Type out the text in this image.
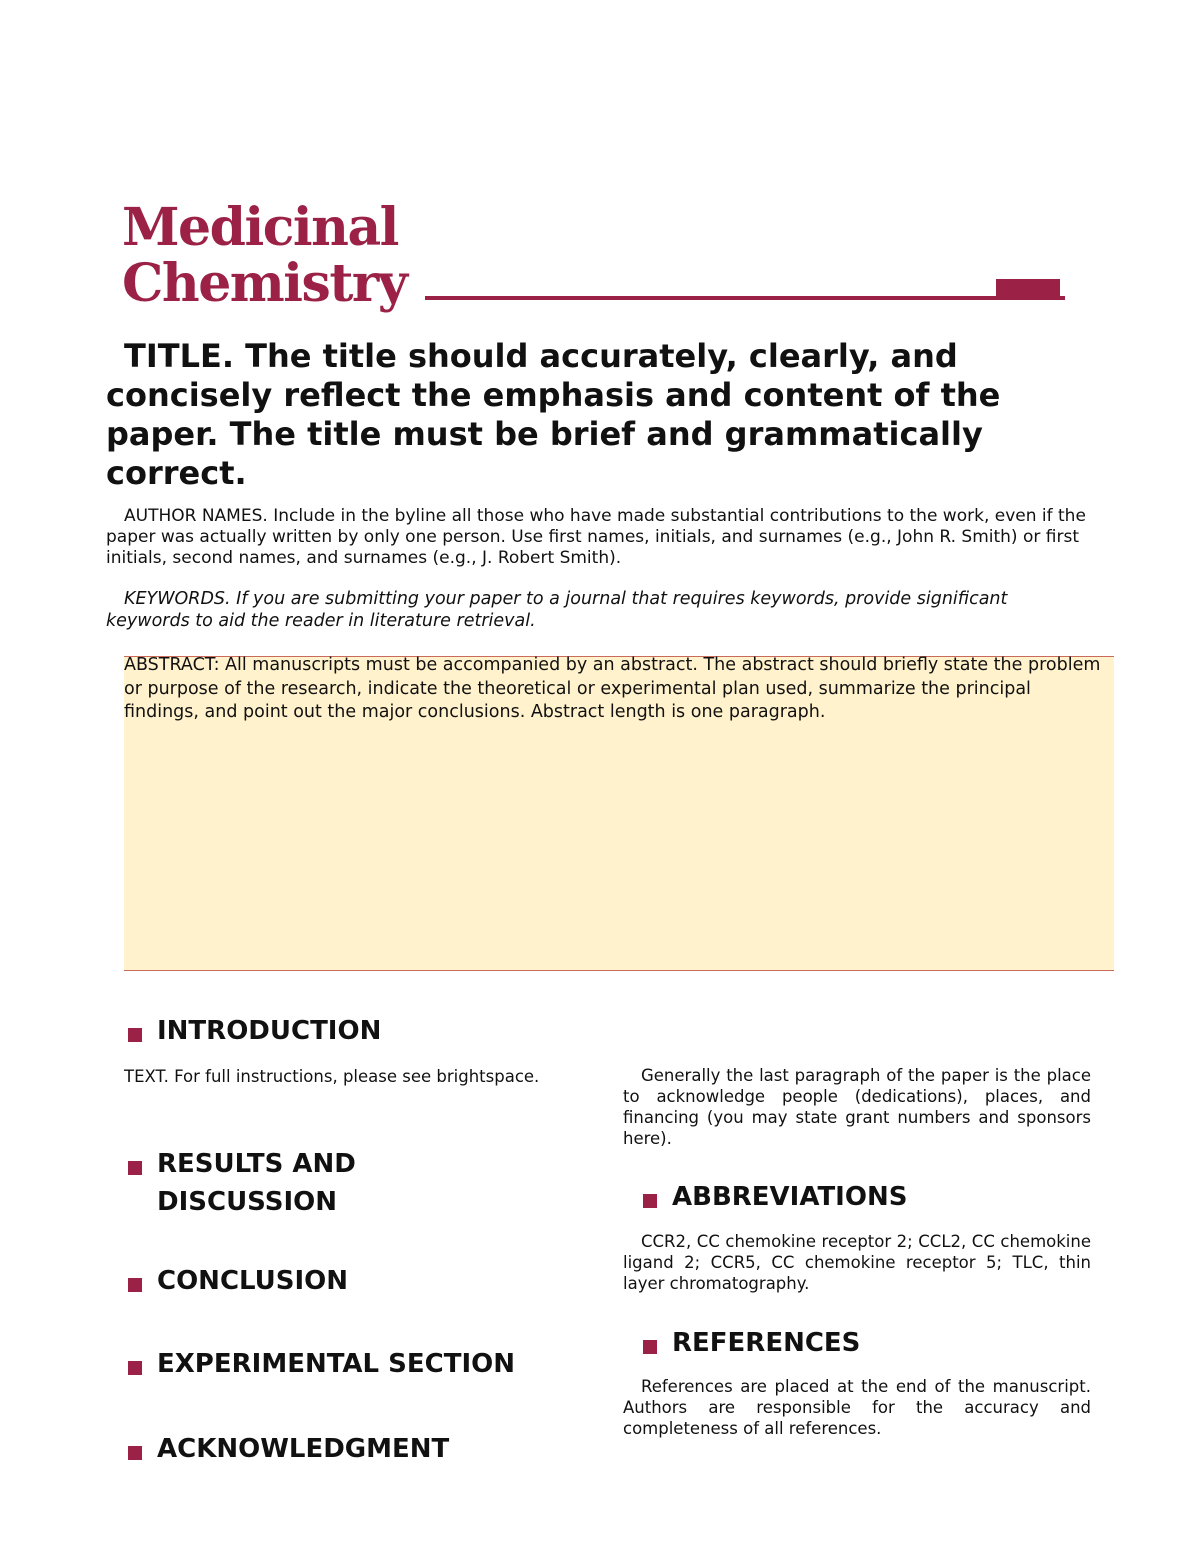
Medicinal
Chemistry

TITLE. The title should accurately, clearly, and concisely reflect the emphasis and content of the paper. The title must be brief and grammatically correct.

AUTHOR NAMES. Include in the byline all those who have made substantial contributions to the work, even if the paper was actually written by only one person. Use first names, initials, and surnames (e.g., John R. Smith) or first initials, second names, and surnames (e.g., J. Robert Smith).

KEYWORDS. If you are submitting your paper to a journal that requires keywords, provide significant keywords to aid the reader in literature retrieval.

ABSTRACT: All manuscripts must be accompanied by an abstract. The abstract should briefly state the problem or purpose of the research, indicate the theoretical or experimental plan used, summarize the principal findings, and point out the major conclusions. Abstract length is one paragraph.

INTRODUCTION

TEXT. For full instructions, please see brightspace.

RESULTS AND DISCUSSION
CONCLUSION
EXPERIMENTAL SECTION
ACKNOWLEDGMENT

Generally the last paragraph of the paper is the place to acknowledge people (dedications), places, and financing (you may state grant numbers and sponsors here).

ABBREVIATIONS

CCR2, CC chemokine receptor 2; CCL2, CC chemokine ligand 2; CCR5, CC chemokine receptor 5; TLC, thin layer chromatography.

REFERENCES

References are placed at the end of the manuscript. Authors are responsible for the accuracy and completeness of all references.
